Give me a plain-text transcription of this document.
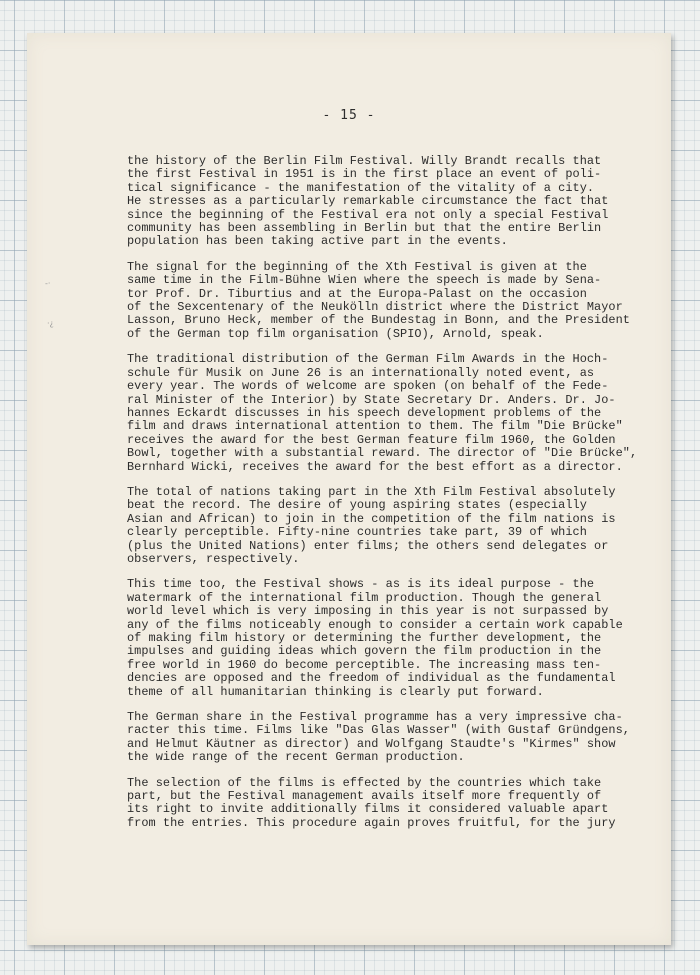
- 15 -
-·
·¿
the history of the Berlin Film Festival. Willy Brandt recalls that
the first Festival in 1951 is in the first place an event of poli-
tical significance - the manifestation of the vitality of a city.
He stresses as a particularly remarkable circumstance the fact that
since the beginning of the Festival era not only a special Festival
community has been assembling in Berlin but that the entire Berlin
population has been taking active part in the events.
The signal for the beginning of the Xth Festival is given at the
same time in the Film-Bühne Wien where the speech is made by Sena-
tor Prof. Dr. Tiburtius and at the Europa-Palast on the occasion
of the Sexcentenary of the Neukölln district where the District Mayor
Lasson, Bruno Heck, member of the Bundestag in Bonn, and the President
of the German top film organisation (SPIO), Arnold, speak.
The traditional distribution of the German Film Awards in the Hoch-
schule für Musik on June 26 is an internationally noted event, as
every year. The words of welcome are spoken (on behalf of the Fede-
ral Minister of the Interior) by State Secretary Dr. Anders. Dr. Jo-
hannes Eckardt discusses in his speech development problems of the
film and draws international attention to them. The film "Die Brücke"
receives the award for the best German feature film 1960, the Golden
Bowl, together with a substantial reward. The director of "Die Brücke",
Bernhard Wicki, receives the award for the best effort as a director.
The total of nations taking part in the Xth Film Festival absolutely
beat the record. The desire of young aspiring states (especially
Asian and African) to join in the competition of the film nations is
clearly perceptible. Fifty-nine countries take part, 39 of which
(plus the United Nations) enter films; the others send delegates or
observers, respectively.
This time too, the Festival shows - as is its ideal purpose - the
watermark of the international film production. Though the general
world level which is very imposing in this year is not surpassed by
any of the films noticeably enough to consider a certain work capable
of making film history or determining the further development, the
impulses and guiding ideas which govern the film production in the
free world in 1960 do become perceptible. The increasing mass ten-
dencies are opposed and the freedom of individual as the fundamental
theme of all humanitarian thinking is clearly put forward.
The German share in the Festival programme has a very impressive cha-
racter this time. Films like "Das Glas Wasser" (with Gustaf Gründgens,
and Helmut Käutner as director) and Wolfgang Staudte's "Kirmes" show
the wide range of the recent German production.
The selection of the films is effected by the countries which take
part, but the Festival management avails itself more frequently of
its right to invite additionally films it considered valuable apart
from the entries. This procedure again proves fruitful, for the jury
